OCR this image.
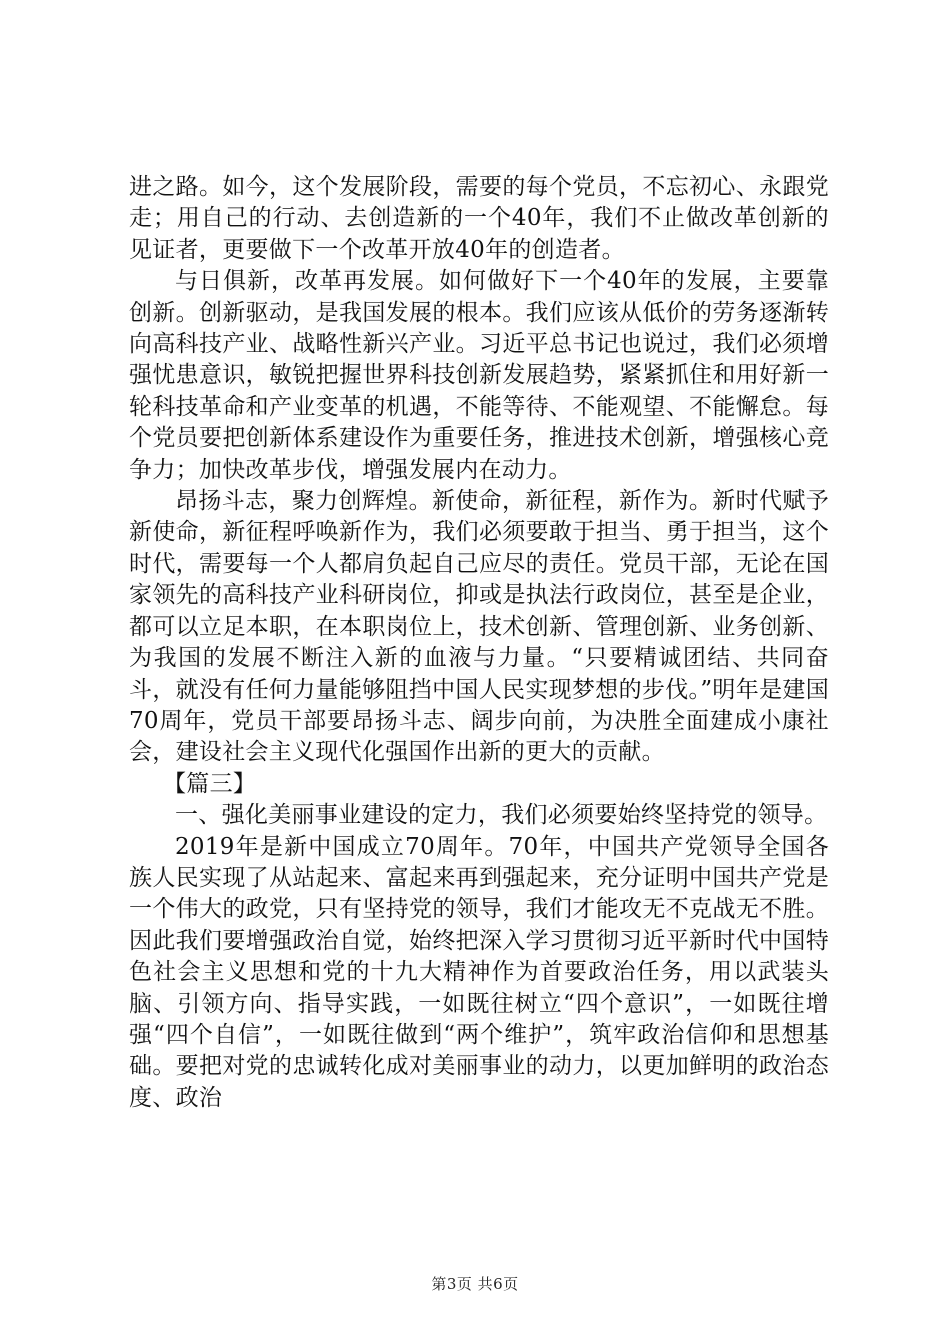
进之路。如今，这个发展阶段，需要的每个党员，不忘初心、永跟党走；用自己的行动、去创造新的一个40年，我们不止做改革创新的见证者，更要做下一个改革开放40年的创造者。

与日俱新，改革再发展。如何做好下一个40年的发展，主要靠创新。创新驱动，是我国发展的根本。我们应该从低价的劳务逐渐转向高科技产业、战略性新兴产业。习近平总书记也说过，我们必须增强忧患意识，敏锐把握世界科技创新发展趋势，紧紧抓住和用好新一轮科技革命和产业变革的机遇，不能等待、不能观望、不能懈怠。每个党员要把创新体系建设作为重要任务，推进技术创新，增强核心竞争力；加快改革步伐，增强发展内在动力。

昂扬斗志，聚力创辉煌。新使命，新征程，新作为。新时代赋予新使命，新征程呼唤新作为，我们必须要敢于担当、勇于担当，这个时代，需要每一个人都肩负起自己应尽的责任。党员干部，无论在国家领先的高科技产业科研岗位，抑或是执法行政岗位，甚至是企业，都可以立足本职，在本职岗位上，技术创新、管理创新、业务创新、为我国的发展不断注入新的血液与力量。“只要精诚团结、共同奋斗，就没有任何力量能够阻挡中国人民实现梦想的步伐。”明年是建国70周年，党员干部要昂扬斗志、阔步向前，为决胜全面建成小康社会，建设社会主义现代化强国作出新的更大的贡献。

【篇三】

一、强化美丽事业建设的定力，我们必须要始终坚持党的领导。

2019年是新中国成立70周年。70年，中国共产党领导全国各族人民实现了从站起来、富起来再到强起来，充分证明中国共产党是一个伟大的政党，只有坚持党的领导，我们才能攻无不克战无不胜。因此我们要增强政治自觉，始终把深入学习贯彻习近平新时代中国特色社会主义思想和党的十九大精神作为首要政治任务，用以武装头脑、引领方向、指导实践，一如既往树立“四个意识”，一如既往增强“四个自信”，一如既往做到“两个维护”，筑牢政治信仰和思想基础。要把对党的忠诚转化成对美丽事业的动力，以更加鲜明的政治态度、政治

第3页 共6页
